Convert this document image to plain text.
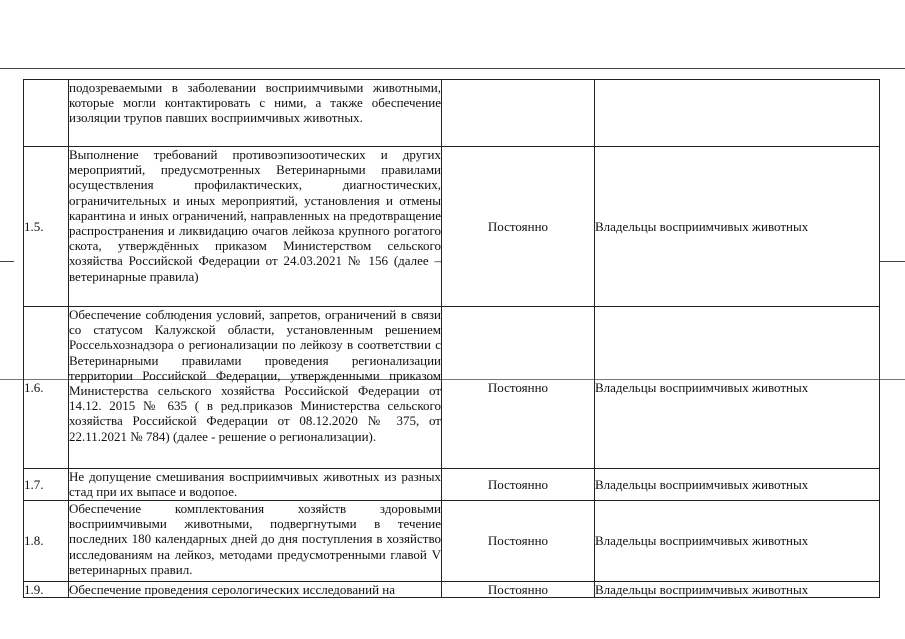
	подозреваемыми в заболевании восприимчивыми животными, которые могли контактировать с ними, а также обеспечение изоляции трупов павших восприимчивых животных.		
1.5.	Выполнение требований противоэпизоотических и других мероприятий, предусмотренных Ветеринарными правилами осуществления профилактических, диагностических, ограничительных и иных мероприятий, установления и отмены карантина и иных ограничений, направленных на предотвращение распространения и ликвидацию очагов лейкоза крупного рогатого скота, утверждённых приказом Министерством сельского хозяйства Российской Федерации от 24.03.2021 № 156 (далее – ветеринарные правила)	Постоянно	Владельцы восприимчивых животных
1.6.	Обеспечение соблюдения условий, запретов, ограничений в связи со статусом Калужской области, установленным решением Россельхознадзора о регионализации по лейкозу в соответствии с Ветеринарными правилами проведения регионализации территории Российской Федерации, утвержденными приказом Министерства сельского хозяйства Российской Федерации от 14.12. 2015 № 635 ( в ред.приказов Министерства сельского хозяйства Российской Федерации от 08.12.2020 № 375, от 22.11.2021 № 784) (далее - решение о регионализации).	Постоянно	Владельцы восприимчивых животных
1.7.	Не допущение смешивания восприимчивых животных из разных стад при их выпасе и водопое.	Постоянно	Владельцы восприимчивых животных
1.8.	Обеспечение комплектования хозяйств здоровыми восприимчивыми животными, подвергнутыми в течение последних 180 календарных дней до дня поступления в хозяйство исследованиям на лейкоз, методами предусмотренными главой V ветеринарных правил.	Постоянно	Владельцы восприимчивых животных
1.9.	Обеспечение проведения серологических исследований на	Постоянно	Владельцы восприимчивых животных
